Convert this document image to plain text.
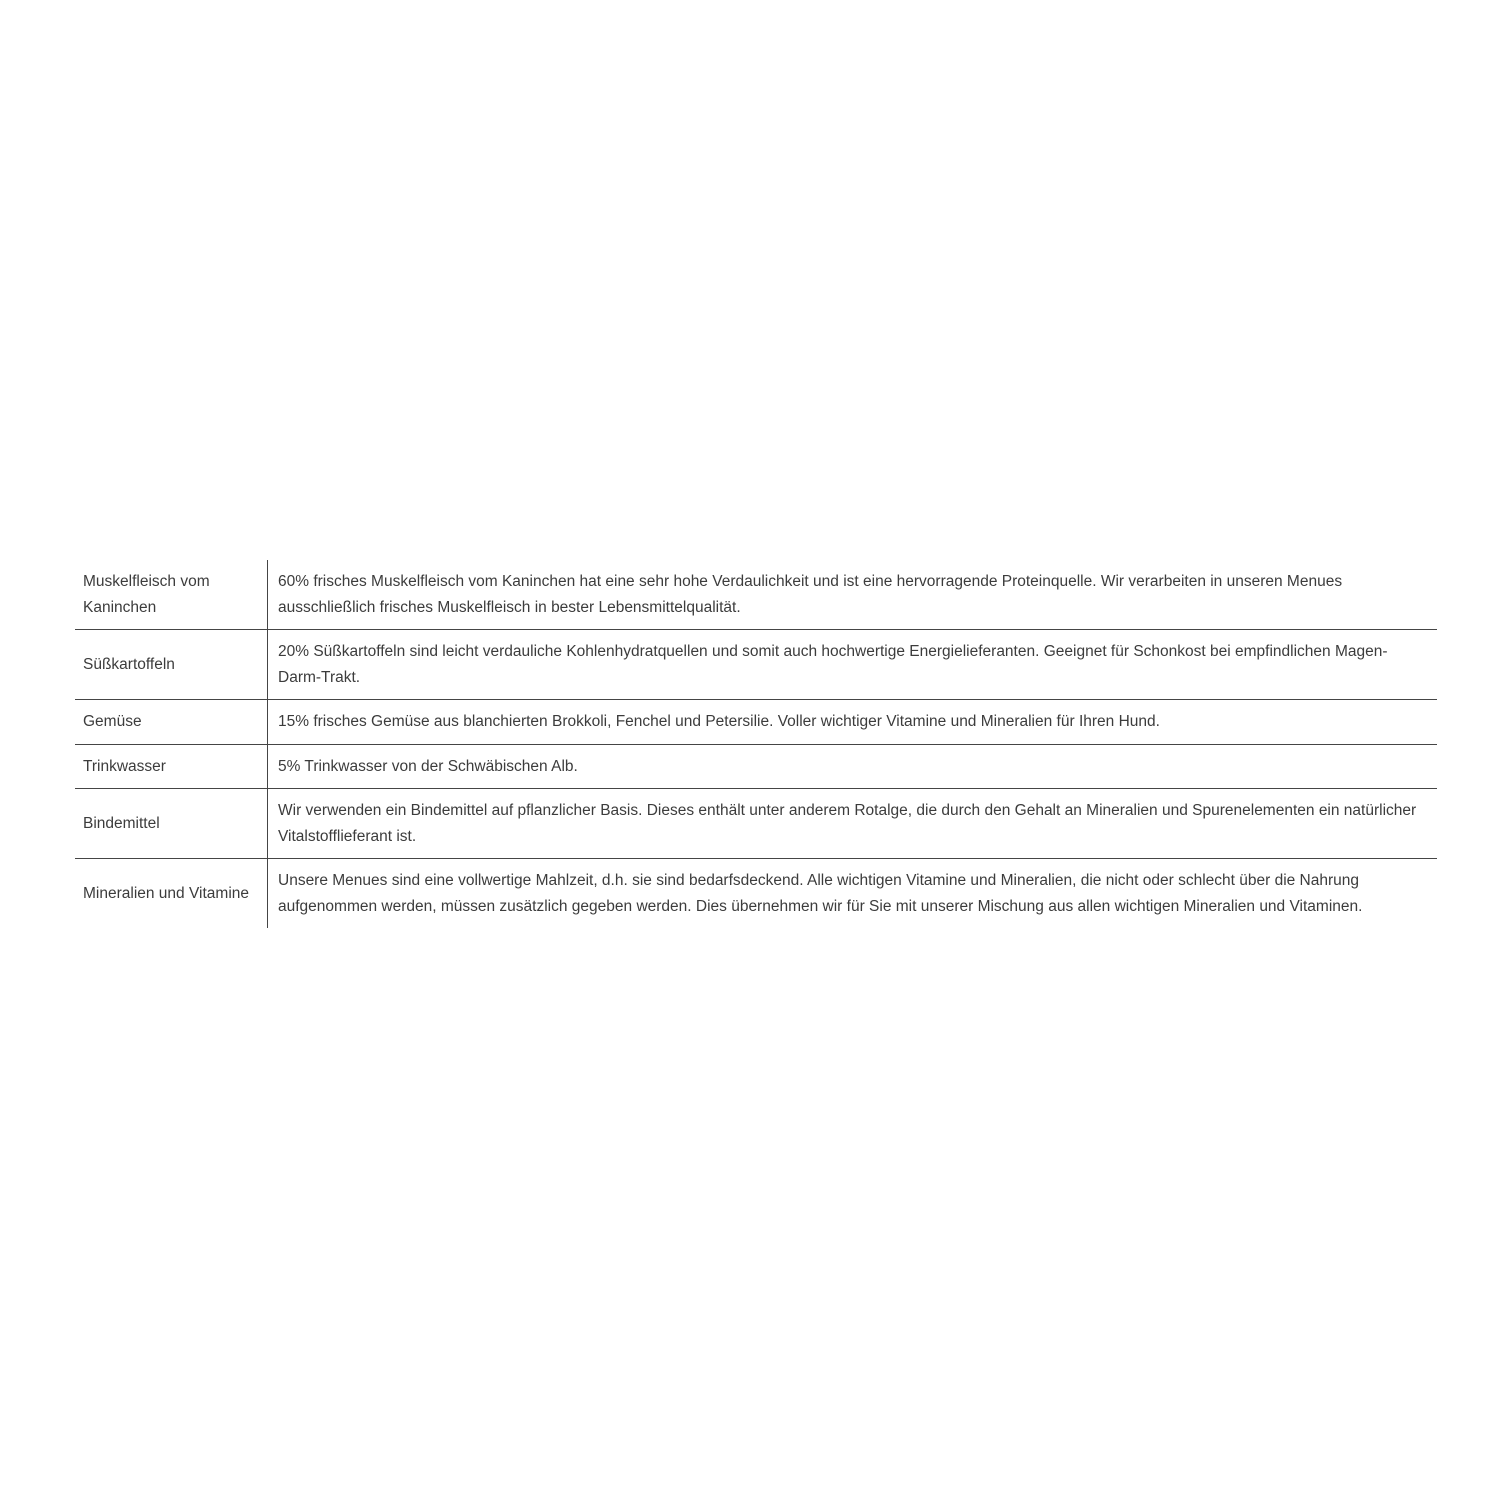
Muskelfleisch vom Kaninchen	60% frisches Muskelfleisch vom Kaninchen hat eine sehr hohe Verdaulichkeit und ist eine hervorragende Proteinquelle. Wir verarbeiten in unseren Menues ausschließlich frisches Muskelfleisch in bester Lebensmittelqualität.
Süßkartoffeln	20% Süßkartoffeln sind leicht verdauliche Kohlenhydratquellen und somit auch hochwertige Energielieferanten. Geeignet für Schonkost bei empfindlichen Magen-Darm-Trakt.
Gemüse	15% frisches Gemüse aus blanchierten Brokkoli, Fenchel und Petersilie. Voller wichtiger Vitamine und Mineralien für Ihren Hund.
Trinkwasser	5% Trinkwasser von der Schwäbischen Alb.
Bindemittel	Wir verwenden ein Bindemittel auf pflanzlicher Basis. Dieses enthält unter anderem Rotalge, die durch den Gehalt an Mineralien und Spurenelementen ein natürlicher Vitalstofflieferant ist.
Mineralien und Vitamine	Unsere Menues sind eine vollwertige Mahlzeit, d.h. sie sind bedarfsdeckend. Alle wichtigen Vitamine und Mineralien, die nicht oder schlecht über die Nahrung aufgenommen werden, müssen zusätzlich gegeben werden. Dies übernehmen wir für Sie mit unserer Mischung aus allen wichtigen Mineralien und Vitaminen.
